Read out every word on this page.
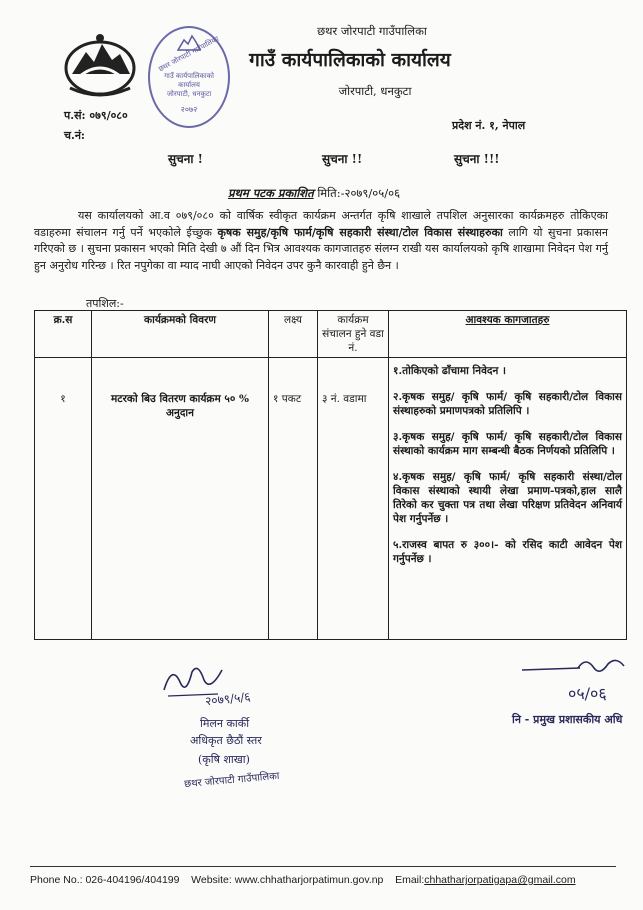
छथर जोरपाटी गाउँपालिका
गाउँ कार्यपालिकाको कार्यालय
जोरपाटी, धनकुटा
२०७२
छथर जोरपाटी गाउँपालिका
गाउँ कार्यपालिकाको कार्यालय
जोरपाटी, धनकुटा
प.सं: ०७९/०८०
च.नं:
प्रदेश नं. १, नेपाल
सुचना !	सुचना !!	सुचना !!!
प्रथम पटक प्रकाशित मिति:-२०७९/०५/०६
यस कार्यालयको आ.व ०७९/०८० को वार्षिक स्वीकृत कार्यक्रम अन्तर्गत कृषि शाखाले तपशिल अनुसारका कार्यक्रमहरु तोकिएका वडाहरुमा संचालन गर्नु पर्ने भएकोले ईच्छुक कृषक समुह/कृषि फार्म/कृषि सहकारी संस्था/टोल विकास संस्थाहरुका लागि यो सुचना प्रकासन गरिएको छ । सुचना प्रकासन भएको मिति देखी ७ औं दिन भित्र आवश्यक कागजातहरु संलग्न राखी यस कार्यालयको कृषि शाखामा निवेदन पेश गर्नु हुन अनुरोध गरिन्छ । रित नपुगेका वा म्याद नाघी आएको निवेदन उपर कुनै कारवाही हुने छैन ।
तपशिल:-
क्र.स	कार्यक्रमको विवरण	लक्ष्य	कार्यक्रम संचालन हुने वडा नं.	आवश्यक कागजातहरु
१	मटरको बिउ वितरण कार्यक्रम ५० % अनुदान	१ पकट	३ नं. वडामा	१.तोकिएको ढाँचामा निवेदन ।

२.कृषक समुह/ कृषि फार्म/ कृषि सहकारी/टोल विकास संस्थाहरुको प्रमाणपत्रको प्रतिलिपि ।

३.कृषक समुह/ कृषि फार्म/ कृषि सहकारी/टोल विकास संस्थाको कार्यक्रम माग सम्बन्धी बैठक निर्णयको प्रतिलिपि ।

४.कृषक समुह/ कृषि फार्म/ कृषि सहकारी संस्था/टोल विकास संस्थाको स्थायी लेखा प्रमाण-पत्रको,हाल सालै तिरेको कर चुक्ता पत्र तथा लेखा परिक्षण प्रतिवेदन अनिवार्य पेश गर्नुपर्नेछ ।

५.राजस्व बापत रु ३००।- को रसिद काटी आवेदन पेश गर्नुपर्नेछ ।

२०७९/५/६
मिलन कार्की
अधिकृत छैठौं स्तर
(कृषि शाखा)
छथर जोरपाटी गाउँपालिका
०५/०६
नि - प्रमुख प्रशासकीय अधि
Phone No.: 026-404196/404199 Website: www.chhatharjorpatimun.gov.np Email:chhatharjorpatigapa@gmail.com
